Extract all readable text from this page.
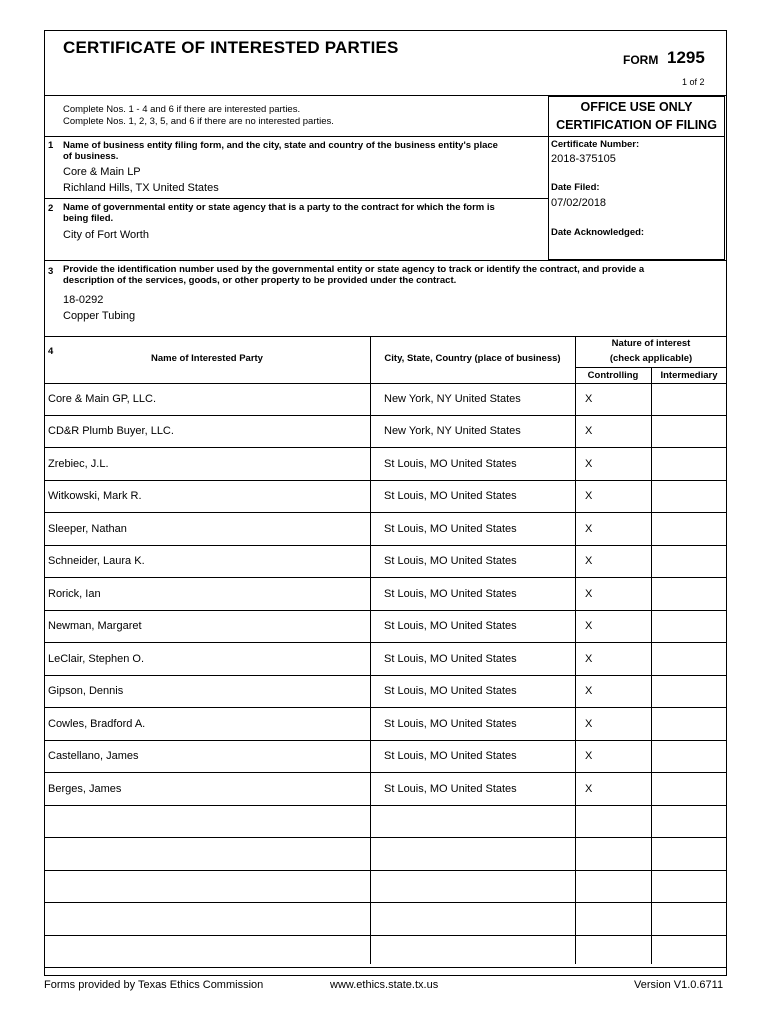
CERTIFICATE OF INTERESTED PARTIES
FORM 1295
1 of 2
Complete Nos. 1 - 4 and 6 if there are interested parties.
Complete Nos. 1, 2, 3, 5, and 6 if there are no interested parties.
OFFICE USE ONLY
CERTIFICATION OF FILING
Certificate Number:
2018-375105
Date Filed:
07/02/2018
Date Acknowledged:
1 Name of business entity filing form, and the city, state and country of the business entity's place
of business.
Core & Main LP
Richland Hills, TX United States
2 Name of governmental entity or state agency that is a party to the contract for which the form is
being filed.
City of Fort Worth
3 Provide the identification number used by the governmental entity or state agency to track or identify the contract, and provide a
description of the services, goods, or other property to be provided under the contract.
18-0292
Copper Tubing
4
Name of Interested Party	City, State, Country (place of business)
Nature of interest
(check applicable)
Controlling	Intermediary
Core & Main GP, LLC.	New York, NY United States	X
CD&R Plumb Buyer, LLC.	New York, NY United States	X
Zrebiec, J.L.	St Louis, MO United States	X
Witkowski, Mark R.	St Louis, MO United States	X
Sleeper, Nathan	St Louis, MO United States	X
Schneider, Laura K.	St Louis, MO United States	X
Rorick, Ian	St Louis, MO United States	X
Newman, Margaret	St Louis, MO United States	X
LeClair, Stephen O.	St Louis, MO United States	X
Gipson, Dennis	St Louis, MO United States	X
Cowles, Bradford A.	St Louis, MO United States	X
Castellano, James	St Louis, MO United States	X
Berges, James	St Louis, MO United States	X
Forms provided by Texas Ethics Commission	www.ethics.state.tx.us	Version V1.0.6711
